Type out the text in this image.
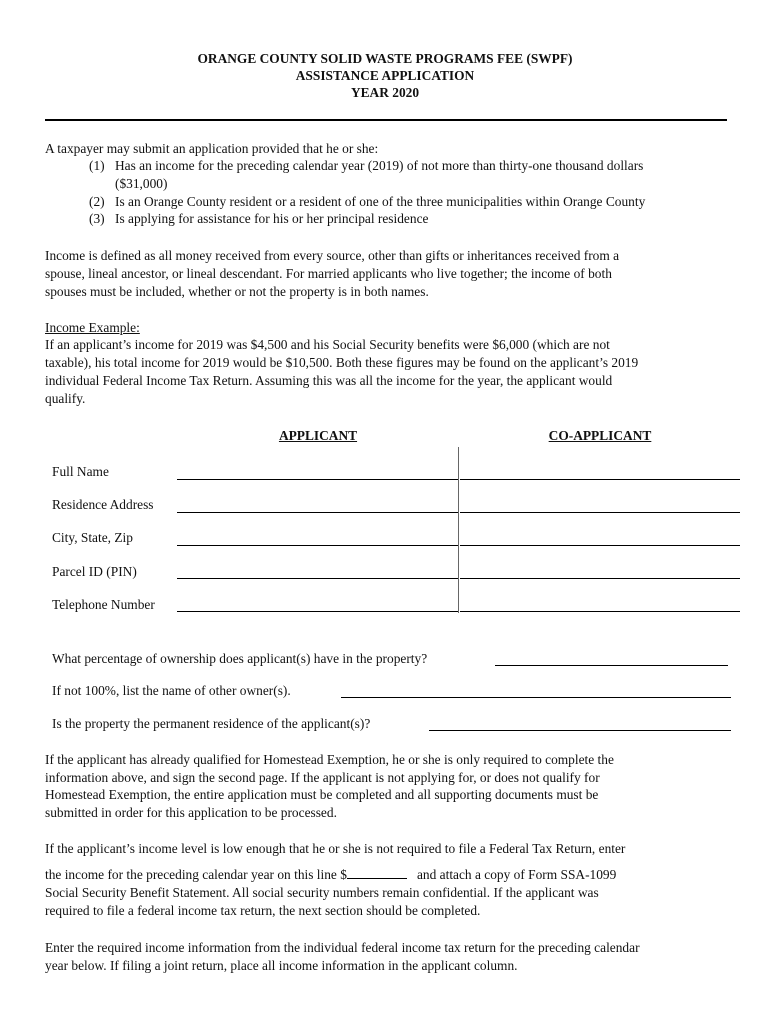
ORANGE COUNTY SOLID WASTE PROGRAMS FEE (SWPF)
ASSISTANCE APPLICATION
YEAR 2020
A taxpayer may submit an application provided that he or she:
(1) Has an income for the preceding calendar year (2019) of not more than thirty-one thousand dollars
($31,000)
(2) Is an Orange County resident or a resident of one of the three municipalities within Orange County
(3) Is applying for assistance for his or her principal residence
Income is defined as all money received from every source, other than gifts or inheritances received from a
spouse, lineal ancestor, or lineal descendant. For married applicants who live together; the income of both
spouses must be included, whether or not the property is in both names.
Income Example:
If an applicant’s income for 2019 was $4,500 and his Social Security benefits were $6,000 (which are not
taxable), his total income for 2019 would be $10,500. Both these figures may be found on the applicant’s 2019
individual Federal Income Tax Return. Assuming this was all the income for the year, the applicant would
qualify.
APPLICANT	CO-APPLICANT
Full Name
Residence Address
City, State, Zip
Parcel ID (PIN)
Telephone Number
What percentage of ownership does applicant(s) have in the property?
If not 100%, list the name of other owner(s).
Is the property the permanent residence of the applicant(s)?
If the applicant has already qualified for Homestead Exemption, he or she is only required to complete the
information above, and sign the second page. If the applicant is not applying for, or does not qualify for
Homestead Exemption, the entire application must be completed and all supporting documents must be
submitted in order for this application to be processed.
If the applicant’s income level is low enough that he or she is not required to file a Federal Tax Return, enter
the income for the preceding calendar year on this line $	and attach a copy of Form SSA-1099
Social Security Benefit Statement. All social security numbers remain confidential. If the applicant was
required to file a federal income tax return, the next section should be completed.
Enter the required income information from the individual federal income tax return for the preceding calendar
year below. If filing a joint return, place all income information in the applicant column.
